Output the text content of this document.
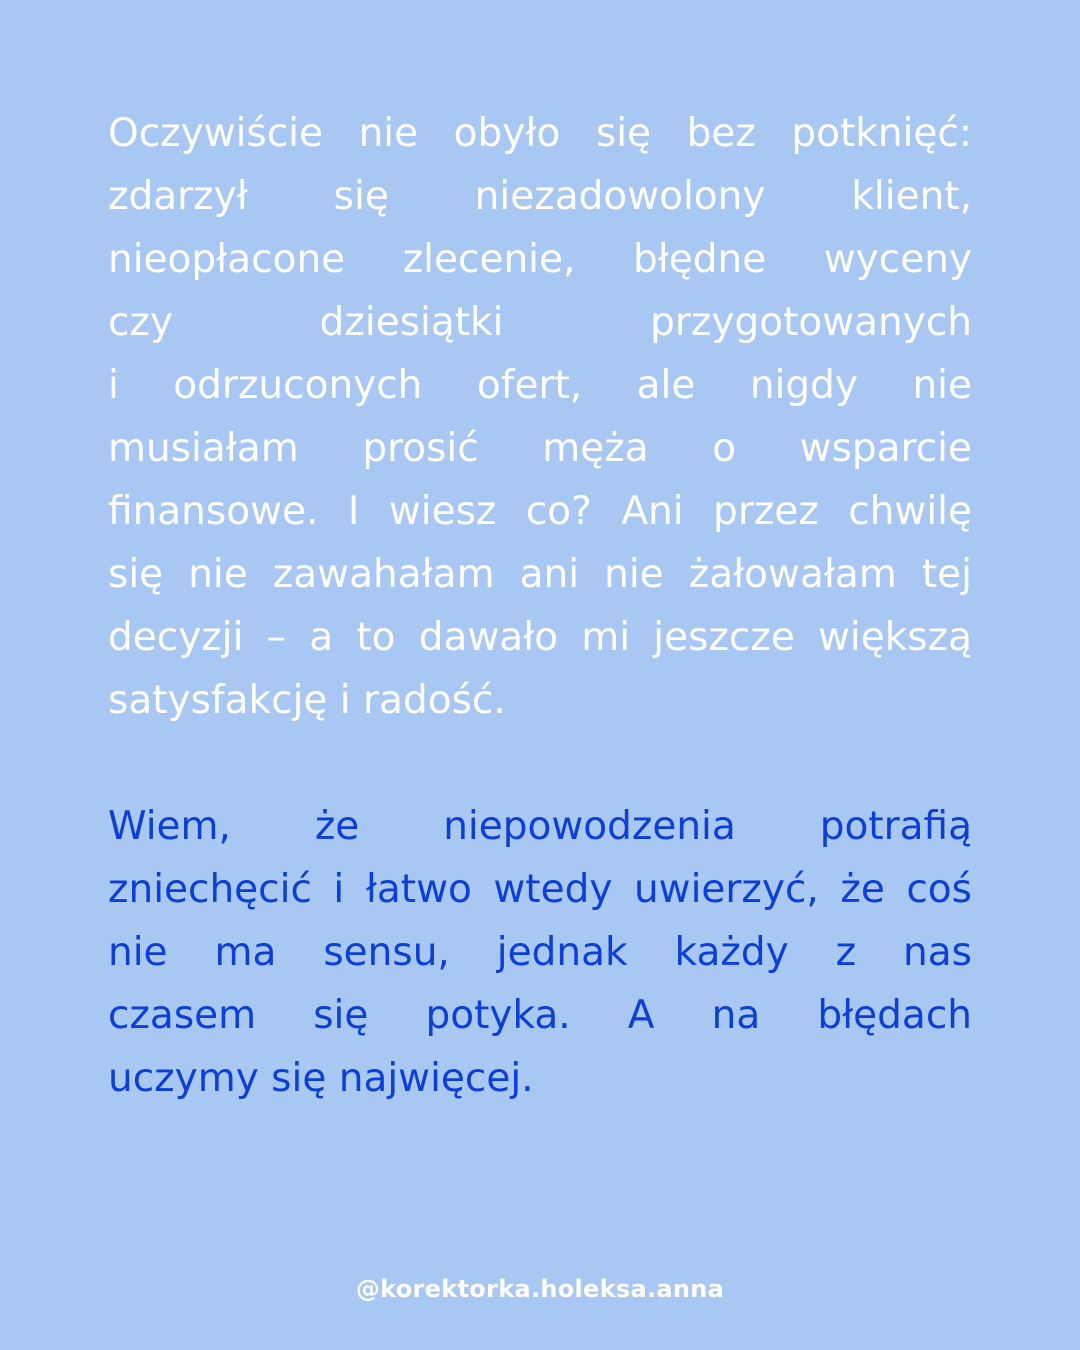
Oczywiście nie obyło się bez potknięć:
zdarzył się niezadowolony klient,
nieopłacone zlecenie, błędne wyceny
czy dziesiątki przygotowanych
i odrzuconych ofert, ale nigdy nie
musiałam prosić męża o wsparcie
finansowe. I wiesz co? Ani przez chwilę
się nie zawahałam ani nie żałowałam tej
decyzji – a to dawało mi jeszcze większą
satysfakcję i radość.
Wiem, że niepowodzenia potrafią
zniechęcić i łatwo wtedy uwierzyć, że coś
nie ma sensu, jednak każdy z nas
czasem się potyka. A na błędach
uczymy się najwięcej.
@korektorka.holeksa.anna
